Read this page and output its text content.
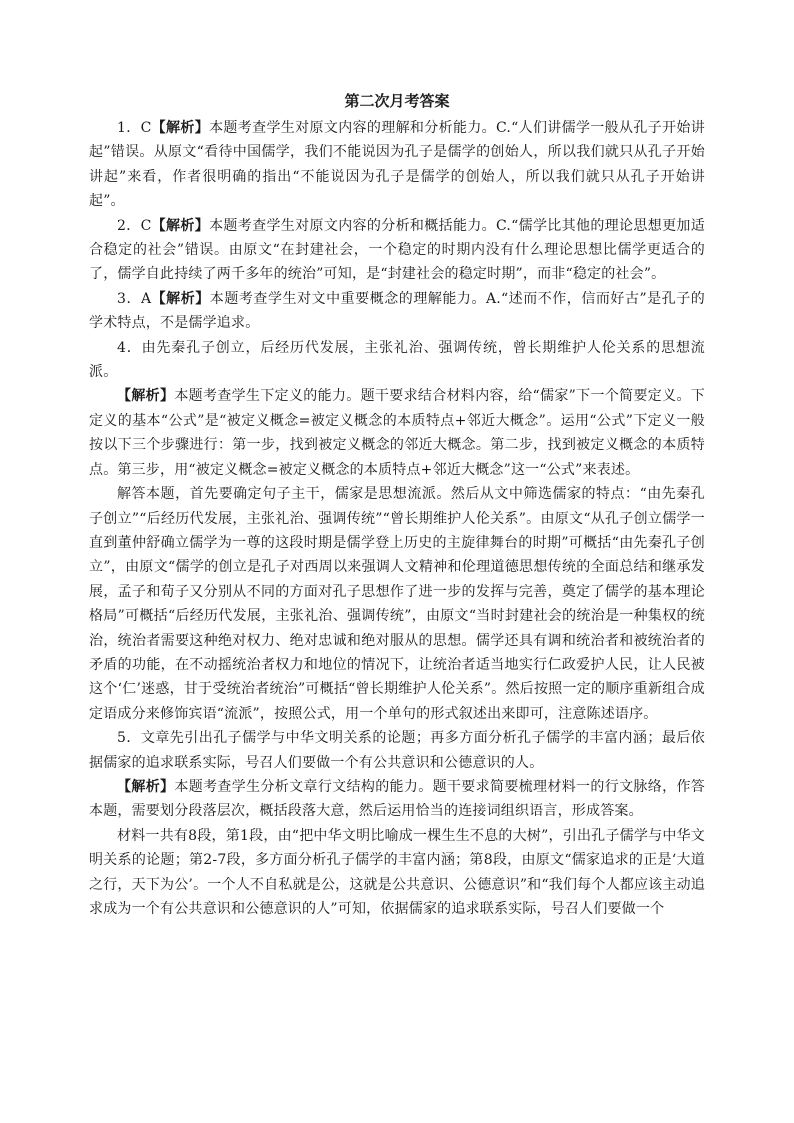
第二次月考答案

1．C【解析】本题考查学生对原文内容的理解和分析能力。C.“人们讲儒学一般从孔子开始讲起”错误。从原文“看待中国儒学，我们不能说因为孔子是儒学的创始人，所以我们就只从孔子开始讲起”来看，作者很明确的指出“不能说因为孔子是儒学的创始人，所以我们就只从孔子开始讲起”。

2．C【解析】本题考查学生对原文内容的分析和概括能力。C.“儒学比其他的理论思想更加适合稳定的社会”错误。由原文“在封建社会，一个稳定的时期内没有什么理论思想比儒学更适合的了，儒学自此持续了两千多年的统治”可知，是“封建社会的稳定时期”，而非“稳定的社会”。

3．A【解析】本题考查学生对文中重要概念的理解能力。A.“述而不作，信而好古”是孔子的学术特点，不是儒学追求。

4．由先秦孔子创立，后经历代发展，主张礼治、强调传统，曾长期维护人伦关系的思想流派。

【解析】本题考查学生下定义的能力。题干要求结合材料内容，给“儒家”下一个简要定义。下定义的基本“公式”是“被定义概念=被定义概念的本质特点+邻近大概念”。运用“公式”下定义一般按以下三个步骤进行：第一步，找到被定义概念的邻近大概念。第二步，找到被定义概念的本质特点。第三步，用“被定义概念=被定义概念的本质特点+邻近大概念”这一“公式”来表述。

解答本题，首先要确定句子主干，儒家是思想流派。然后从文中筛选儒家的特点：“由先秦孔子创立”“后经历代发展，主张礼治、强调传统”“曾长期维护人伦关系”。由原文“从孔子创立儒学一直到董仲舒确立儒学为一尊的这段时期是儒学登上历史的主旋律舞台的时期”可概括“由先秦孔子创立”，由原文“儒学的创立是孔子对西周以来强调人文精神和伦理道德思想传统的全面总结和继承发展，孟子和荀子又分别从不同的方面对孔子思想作了进一步的发挥与完善，奠定了儒学的基本理论格局”可概括“后经历代发展，主张礼治、强调传统”，由原文“当时封建社会的统治是一种集权的统治，统治者需要这种绝对权力、绝对忠诚和绝对服从的思想。儒学还具有调和统治者和被统治者的矛盾的功能，在不动摇统治者权力和地位的情况下，让统治者适当地实行仁政爱护人民，让人民被这个‘仁’迷惑，甘于受统治者统治”可概括“曾长期维护人伦关系”。然后按照一定的顺序重新组合成定语成分来修饰宾语“流派”，按照公式，用一个单句的形式叙述出来即可，注意陈述语序。

5．文章先引出孔子儒学与中华文明关系的论题；再多方面分析孔子儒学的丰富内涵；最后依据儒家的追求联系实际，号召人们要做一个有公共意识和公德意识的人。

【解析】本题考查学生分析文章行文结构的能力。题干要求简要梳理材料一的行文脉络，作答本题，需要划分段落层次，概括段落大意，然后运用恰当的连接词组织语言，形成答案。

材料一共有8段，第1段，由“把中华文明比喻成一棵生生不息的大树”，引出孔子儒学与中华文明关系的论题；第2-7段，多方面分析孔子儒学的丰富内涵；第8段，由原文“儒家追求的正是‘大道之行，天下为公’。一个人不自私就是公，这就是公共意识、公德意识”和“我们每个人都应该主动追求成为一个有公共意识和公德意识的人”可知，依据儒家的追求联系实际，号召人们要做一个
